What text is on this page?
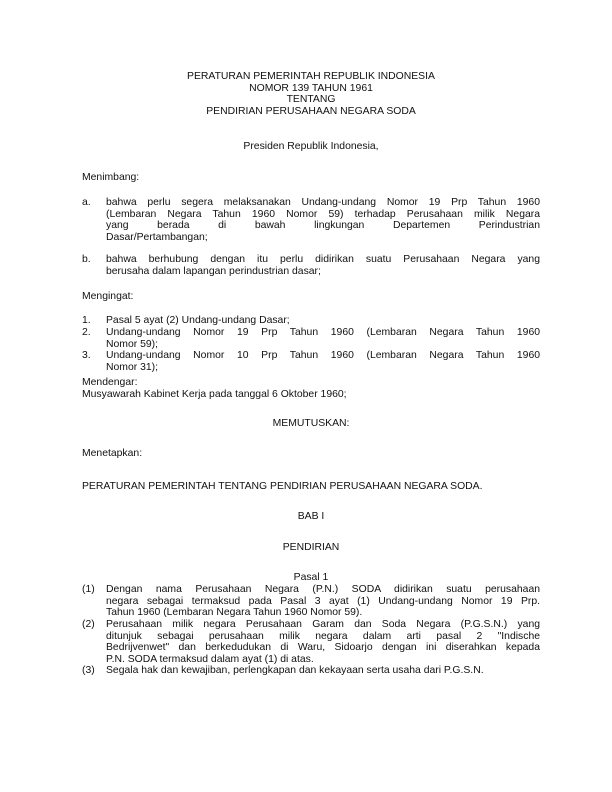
PERATURAN PEMERINTAH REPUBLIK INDONESIA
NOMOR 139 TAHUN 1961
TENTANG
PENDIRIAN PERUSAHAAN NEGARA SODA
Presiden Republik Indonesia,
Menimbang:
a. bahwa perlu segera melaksanakan Undang-undang Nomor 19 Prp Tahun 1960
(Lembaran Negara Tahun 1960 Nomor 59) terhadap Perusahaan milik Negara
yang berada di bawah lingkungan Departemen Perindustrian
Dasar/Pertambangan;
b. bahwa berhubung dengan itu perlu didirikan suatu Perusahaan Negara yang
berusaha dalam lapangan perindustrian dasar;
Mengingat:
1. Pasal 5 ayat (2) Undang-undang Dasar;
2. Undang-undang Nomor 19 Prp Tahun 1960 (Lembaran Negara Tahun 1960
Nomor 59);
3. Undang-undang Nomor 10 Prp Tahun 1960 (Lembaran Negara Tahun 1960
Nomor 31);
Mendengar:
Musyawarah Kabinet Kerja pada tanggal 6 Oktober 1960;
MEMUTUSKAN:
Menetapkan:
PERATURAN PEMERINTAH TENTANG PENDIRIAN PERUSAHAAN NEGARA SODA.
BAB I
PENDIRIAN
Pasal 1
(1) Dengan nama Perusahaan Negara (P.N.) SODA didirikan suatu perusahaan
negara sebagai termaksud pada Pasal 3 ayat (1) Undang-undang Nomor 19 Prp.
Tahun 1960 (Lembaran Negara Tahun 1960 Nomor 59).
(2) Perusahaan milik negara Perusahaan Garam dan Soda Negara (P.G.S.N.) yang
ditunjuk sebagai perusahaan milik negara dalam arti pasal 2 "Indische
Bedrijvenwet" dan berkedudukan di Waru, Sidoarjo dengan ini diserahkan kepada
P.N. SODA termaksud dalam ayat (1) di atas.
(3) Segala hak dan kewajiban, perlengkapan dan kekayaan serta usaha dari P.G.S.N.
